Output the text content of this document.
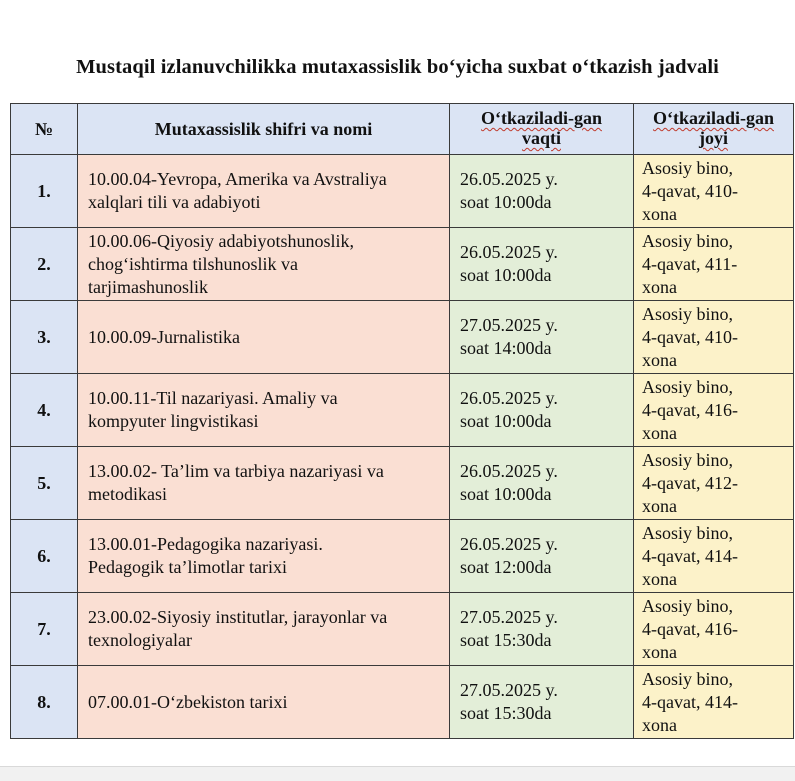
Mustaqil izlanuvchilikka mutaxassislik bo‘yicha suxbat o‘tkazish jadvali
№	Mutaxassislik shifri va nomi	O‘tkaziladi-gan
vaqti	O‘tkaziladi-gan
joyi
1.	10.00.04-Yevropa, Amerika va Avstraliya
xalqlari tili va adabiyoti	26.05.2025 y.
soat 10:00da	Asosiy bino,
4-qavat, 410-
xona
2.	10.00.06-Qiyosiy adabiyotshunoslik,
chog‘ishtirma tilshunoslik va
tarjimashunoslik	26.05.2025 y.
soat 10:00da	Asosiy bino,
4-qavat, 411-
xona
3.	10.00.09-Jurnalistika	27.05.2025 y.
soat 14:00da	Asosiy bino,
4-qavat, 410-
xona
4.	10.00.11-Til nazariyasi. Amaliy va
kompyuter lingvistikasi	26.05.2025 y.
soat 10:00da	Asosiy bino,
4-qavat, 416-
xona
5.	13.00.02- Ta’lim va tarbiya nazariyasi va
metodikasi	26.05.2025 y.
soat 10:00da	Asosiy bino,
4-qavat, 412-
xona
6.	13.00.01-Pedagogika nazariyasi.
Pedagogik ta’limotlar tarixi	26.05.2025 y.
soat 12:00da	Asosiy bino,
4-qavat, 414-
xona
7.	23.00.02-Siyosiy institutlar, jarayonlar va
texnologiyalar	27.05.2025 y.
soat 15:30da	Asosiy bino,
4-qavat, 416-
xona
8.	07.00.01-O‘zbekiston tarixi	27.05.2025 y.
soat 15:30da	Asosiy bino,
4-qavat, 414-
xona
